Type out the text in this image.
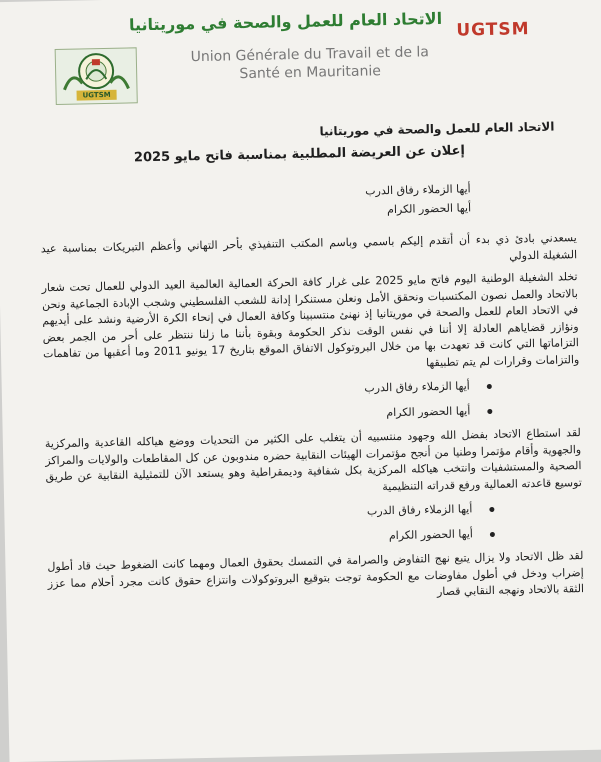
UGTSM
الاتحاد العام للعمل والصحة في موريتانيا UGTSM
Union Générale du Travail et de la
Santé en Mauritanie

الاتحاد العام للعمل والصحة في موريتانيا

إعلان عن العريضة المطلبية بمناسبة فاتح مايو 2025

أيها الزملاء رفاق الدرب

أيها الحضور الكرام

يسعدني بادئ ذي بدء أن أتقدم إليكم باسمي وباسم المكتب التنفيذي بأحر التهاني وأعظم التبريكات بمناسبة عيد الشغيلة الدولي

تخلد الشغيلة الوطنية اليوم فاتح مايو 2025 على غرار كافة الحركة العمالية العالمية العيد الدولي للعمال تحت شعار بالاتحاد والعمل نصون المكتسبات ونحقق الأمل ونعلن مستنكرا إدانة للشعب الفلسطيني وشجب الإبادة الجماعية ونحن في الاتحاد العام للعمل والصحة في موريتانيا إذ نهنئ منتسبينا وكافة العمال في إنحاء الكرة الأرضية ونشد على أيديهم ونؤازر قضاياهم العادلة إلا أننا في نفس الوقت نذكر الحكومة وبقوة بأننا ما زلنا ننتظر على أحر من الجمر بعض التزاماتها التي كانت قد تعهدت بها من خلال البروتوكول الاتفاق الموقع بتاريخ 17 يونيو 2011 وما أعقبها من تفاهمات والتزامات وقرارات لم يتم تطبيقها

أيها الزملاء رفاق الدرب
أيها الحضور الكرام

لقد استطاع الاتحاد بفضل الله وجهود منتسبيه أن يتغلب على الكثير من التحديات ووضع هياكله القاعدية والمركزية والجهوية وأقام مؤتمرا وطنيا من أنجح مؤتمرات الهيئات النقابية حضره مندوبون عن كل المقاطعات والولايات والمراكز الصحية والمستشفيات وانتخب هياكله المركزية بكل شفافية وديمقراطية وهو يستعد الآن للتمثيلية النقابية عن طريق توسيع قاعدته العمالية ورفع قدراته التنظيمية

أيها الزملاء رفاق الدرب
أيها الحضور الكرام

لقد ظل الاتحاد ولا يزال يتبع نهج التفاوض والصرامة في التمسك بحقوق العمال ومهما كانت الضغوط حيث قاد أطول إضراب ودخل في أطول مفاوضات مع الحكومة توجت بتوقيع البروتوكولات وانتزاع حقوق كانت مجرد أحلام مما عزز الثقة بالاتحاد ونهجه النقابي قصار
